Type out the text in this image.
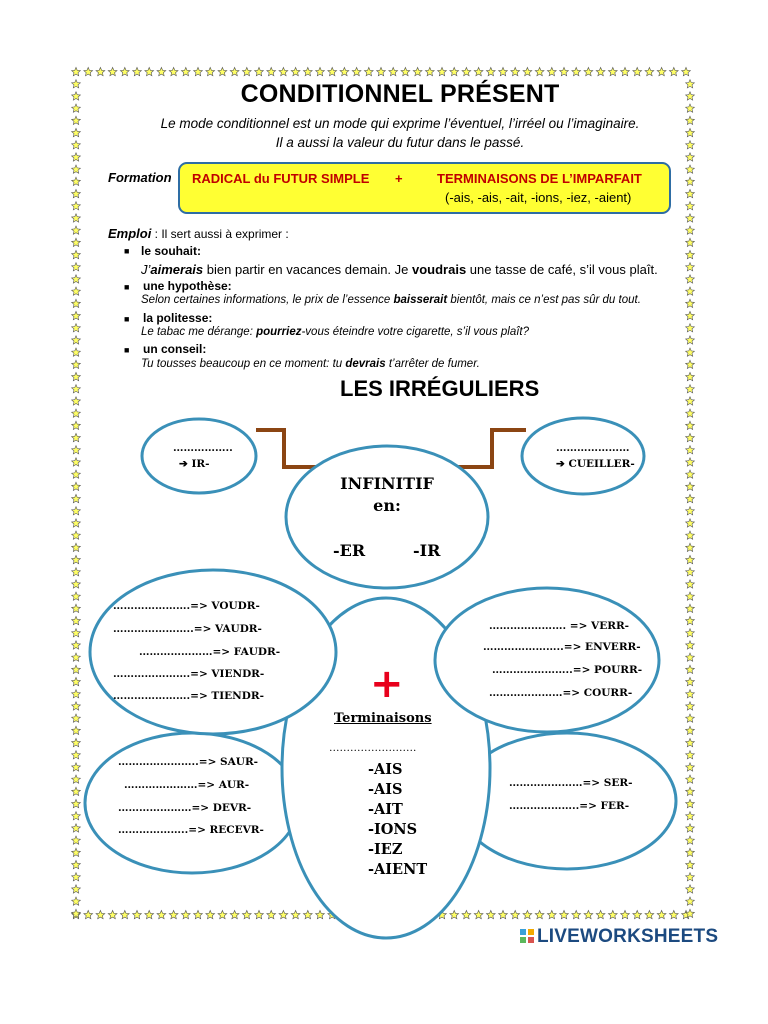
CONDITIONNEL PRÉSENT
Le mode conditionnel est un mode qui exprime l’éventuel, l’irréel ou l’imaginaire.
Il a aussi la valeur du futur dans le passé.
Formation RADICAL du FUTUR SIMPLE +	TERMINAISONS DE L’IMPARFAIT
(-ais, -ais, -ait, -ions, -iez, -aient)
Emploi : Il sert aussi à exprimer :
■ le souhait:
J’aimerais bien partir en vacances demain. Je voudrais une tasse de café, s’il vous plaît.
■ une hypothèse:
Selon certaines informations, le prix de l’essence baisserait bientôt, mais ce n’est pas sûr du tout.
■ la politesse:
Le tabac me dérange: pourriez-vous éteindre votre cigarette, s’il vous plaît?
■ un conseil:
Tu tousses beaucoup en ce moment: tu devrais t’arrêter de fumer.
LES IRRÉGULIERS
……………..
➔ IR-
…………………
➔ CUEILLER-
INFINITIF
en:
-ER	-IR
………………….=> VOUDR-
…………………..=> VAUDR-
…………………=> FAUDR-
………………….=> VIENDR-
………………….=> TIENDR-
…………………. => VERR-
…………………..=> ENVERR-
…………………..=> POURR-
…………………=> COURR-
…………………..=> SAUR-
…………………=> AUR-
…………………=> DEVR-
………………..=> RECEVR-
…………………=> SER-
………………..=> FER-
+
Terminaisons
…………………….
-AIS
-AIS
-AIT
-IONS
-IEZ
-AIENT
LIVEWORKSHEETS
